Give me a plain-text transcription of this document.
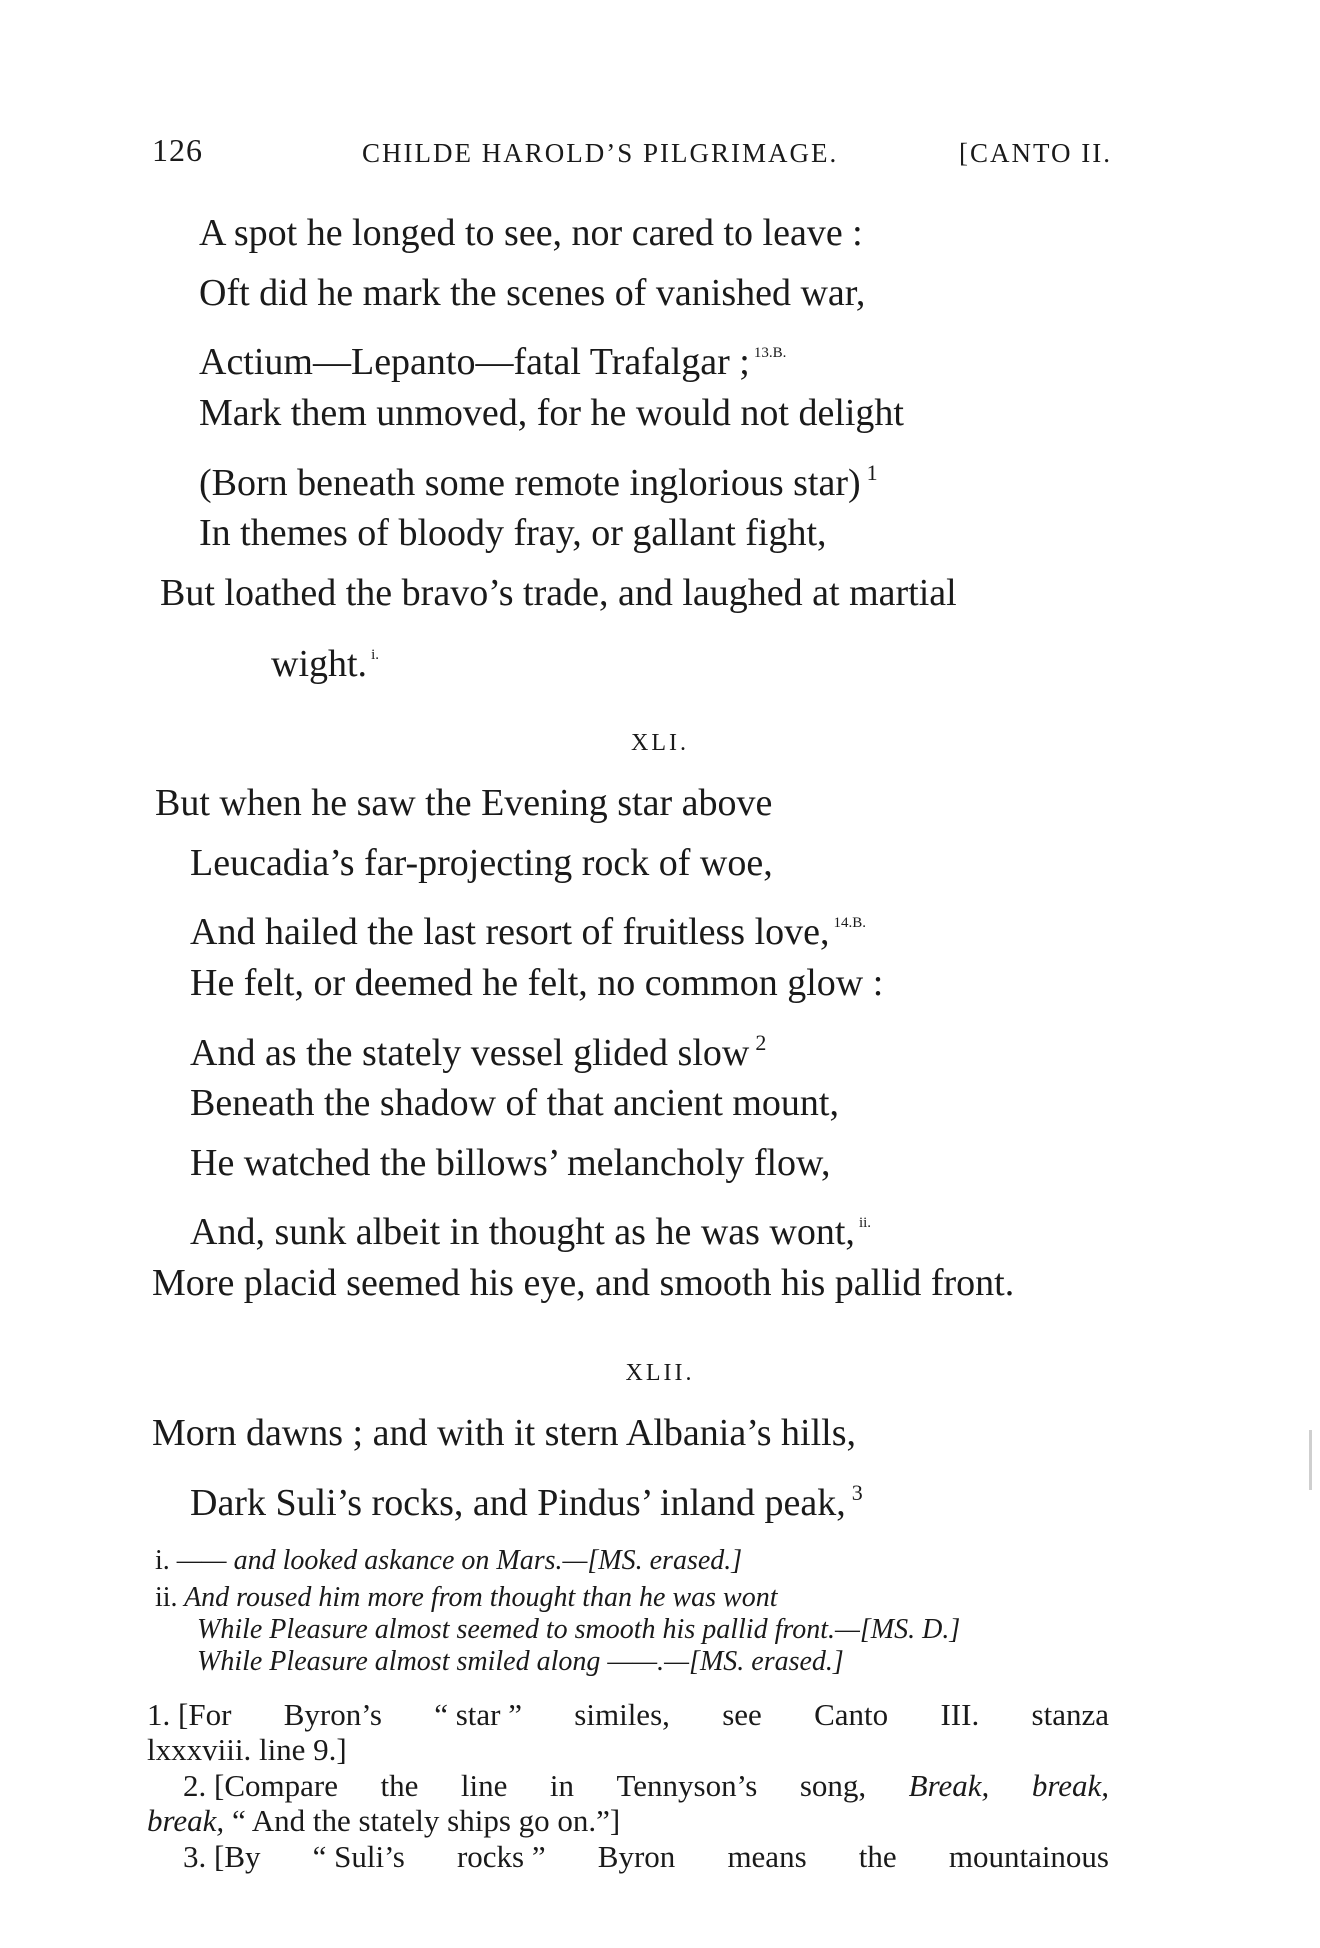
126	CHILDE HAROLD’S PILGRIMAGE.	[CANTO II.
A spot he longed to see, nor cared to leave :
Oft did he mark the scenes of vanished war,
Actium—Lepanto—fatal Trafalgar ; $^{13.B.}$
Mark them unmoved, for he would not delight
(Born beneath some remote inglorious star) $^1$
In themes of bloody fray, or gallant fight,
But loathed the bravo’s trade, and laughed at martial
wight. $^{i.}$
XLI.
But when he saw the Evening star above
Leucadia’s far-projecting rock of woe,
And hailed the last resort of fruitless love, $^{14.B.}$
He felt, or deemed he felt, no common glow :
And as the stately vessel glided slow $^2$
Beneath the shadow of that ancient mount,
He watched the billows’ melancholy flow,
And, sunk albeit in thought as he was wont, $^{ii.}$
More placid seemed his eye, and smooth his pallid front.
XLII.
Morn dawns ; and with it stern Albania’s hills,
Dark Suli’s rocks, and Pindus’ inland peak, $^3$
i. —— and looked askance on Mars.—[MS. erased.]
ii. And roused him more from thought than he was wont
While Pleasure almost seemed to smooth his pallid front.—[MS. D.]
While Pleasure almost smiled along ——.—[MS. erased.]
1. [For Byron’s “ star ” similes, see Canto III. stanza
lxxxviii. line 9.]
2. [Compare the line in Tennyson’s song, Break, break,
break, “ And the stately ships go on.”]
3. [By “ Suli’s rocks ” Byron means the mountainous
